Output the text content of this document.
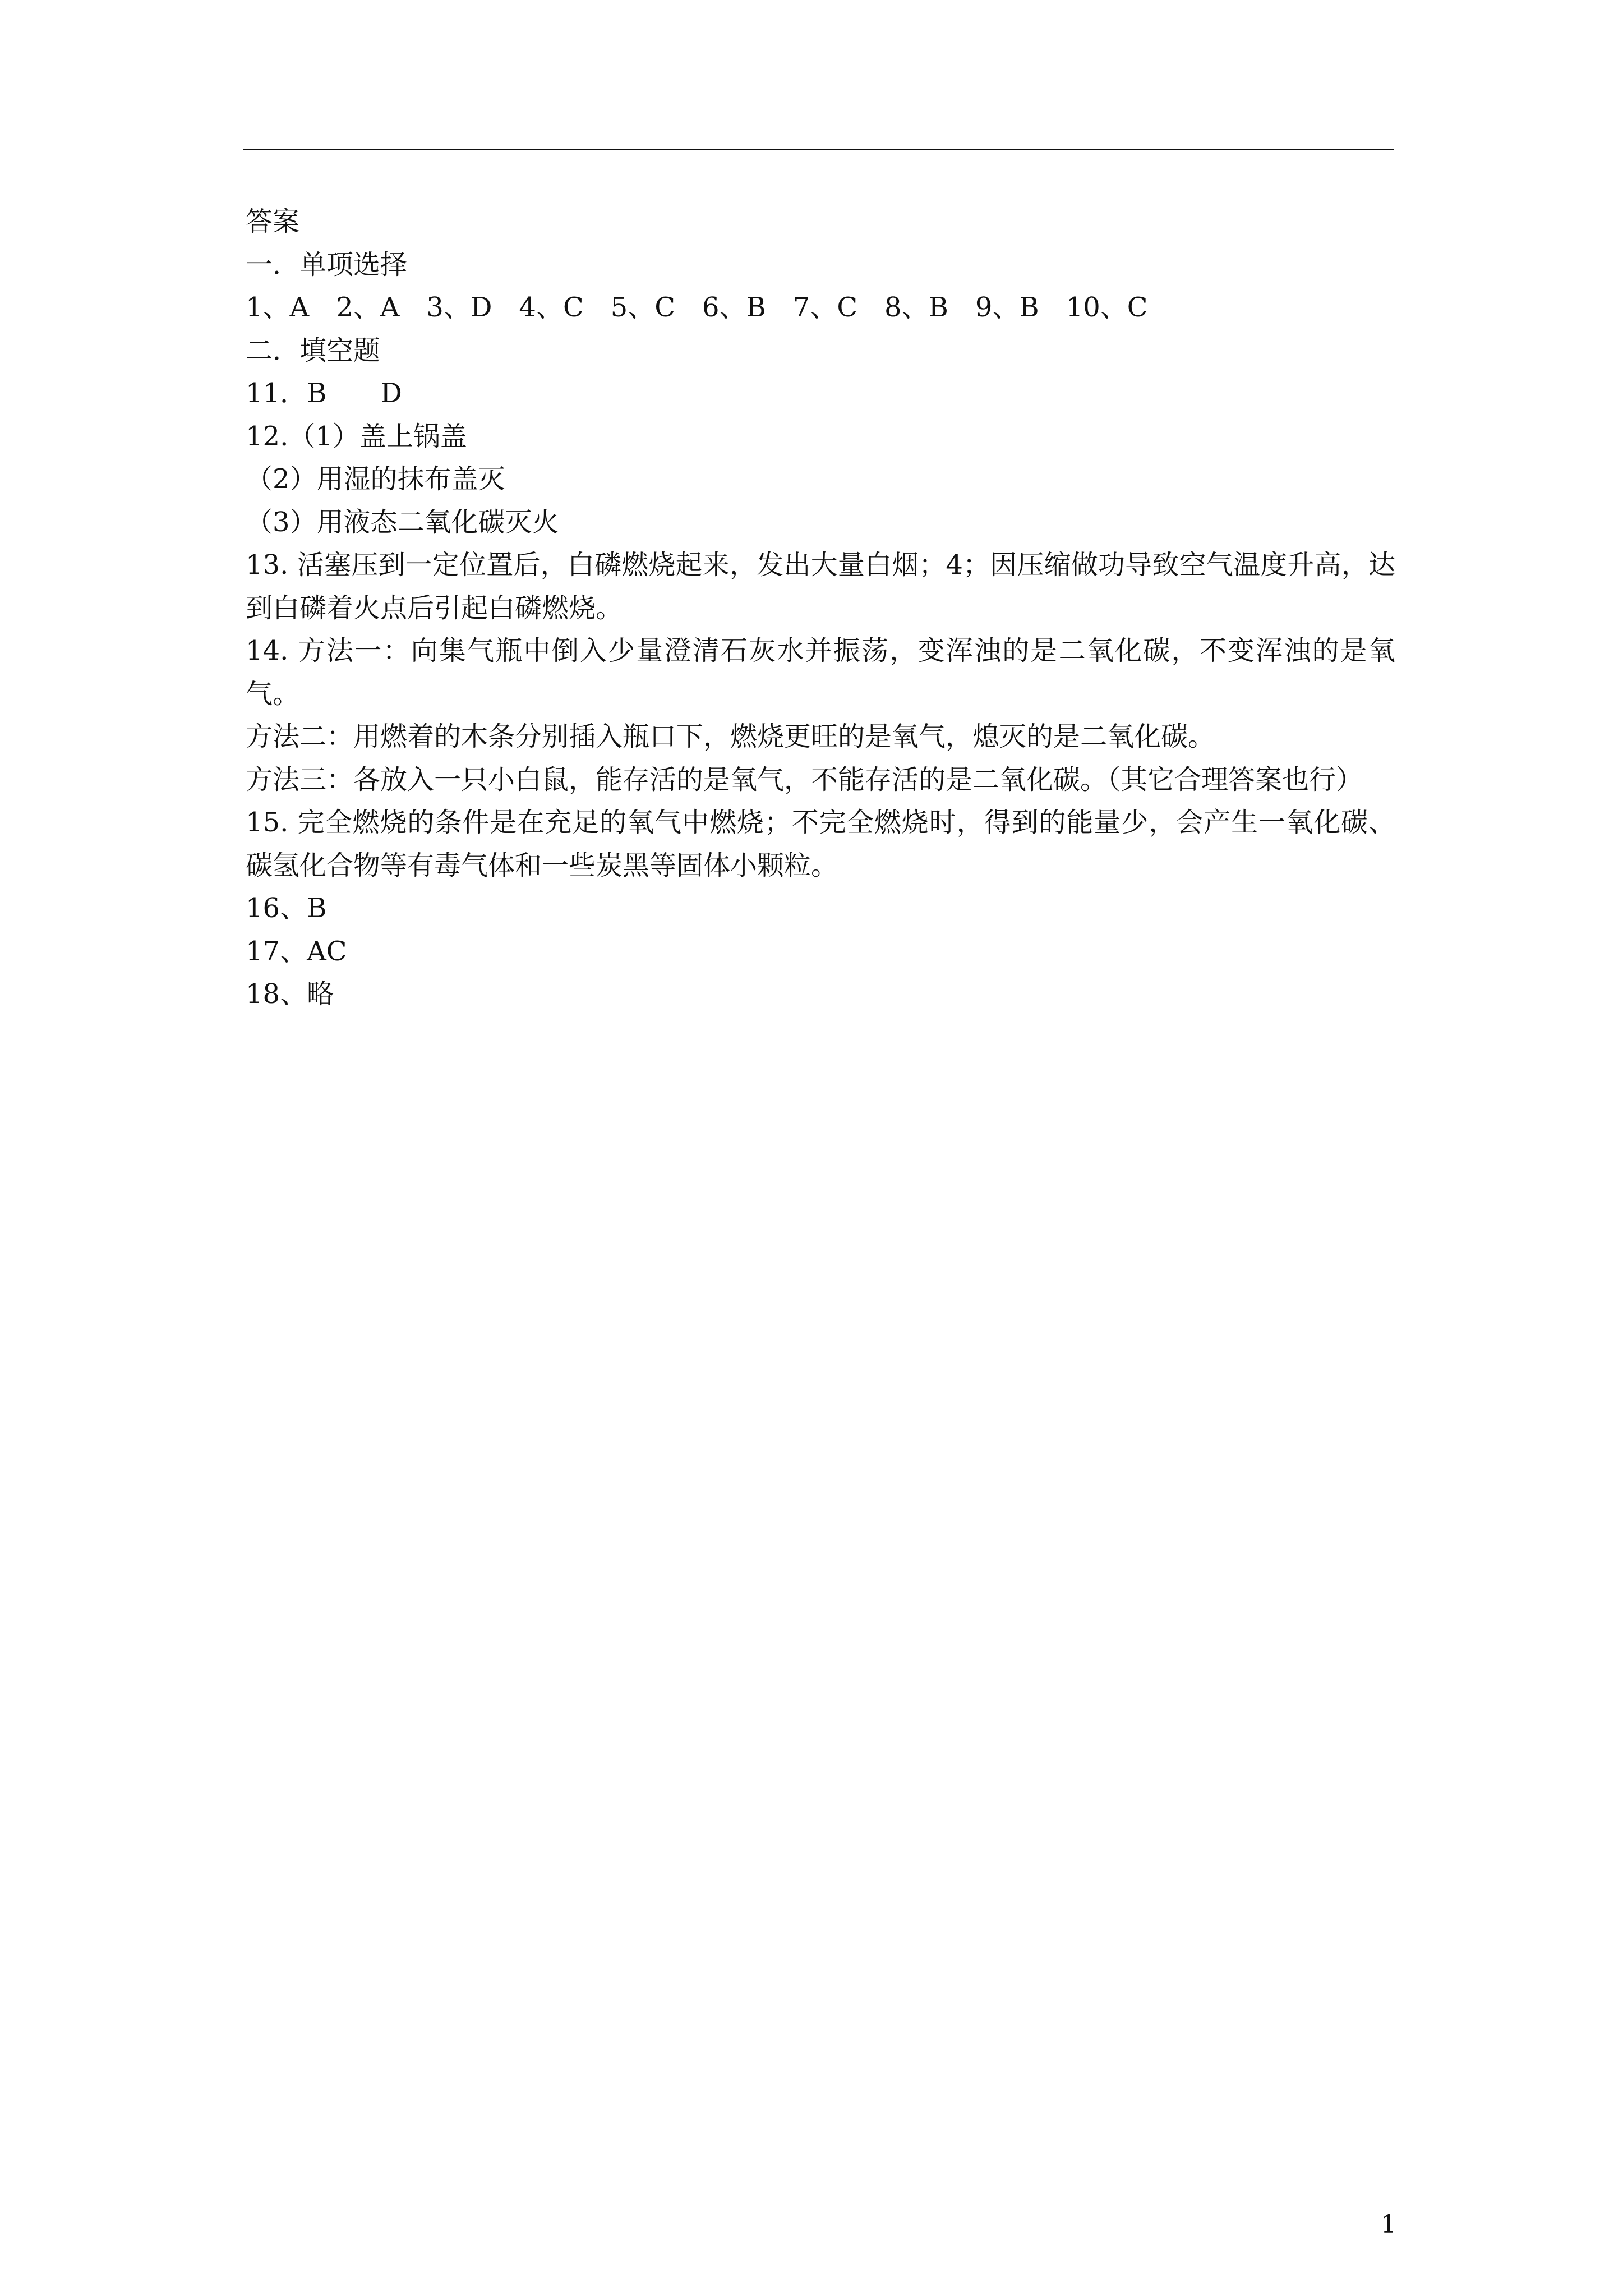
答案
一．单项选择
1、A　2、A　3、D　4、C　5、C　6、B　7、C　8、B　9、B　10、C
二．填空题
11．B　　D
12.（1）盖上锅盖
（2）用湿的抹布盖灭
（3）用液态二氧化碳灭火
13. 活塞压到一定位置后，白磷燃烧起来，发出大量白烟；4；因压缩做功导致空气温度升高，达到白磷着火点后引起白磷燃烧。
14. 方法一：向集气瓶中倒入少量澄清石灰水并振荡，变浑浊的是二氧化碳，不变浑浊的是氧气。
方法二：用燃着的木条分别插入瓶口下，燃烧更旺的是氧气，熄灭的是二氧化碳。
方法三：各放入一只小白鼠，能存活的是氧气，不能存活的是二氧化碳。（其它合理答案也行）
15. 完全燃烧的条件是在充足的氧气中燃烧；不完全燃烧时，得到的能量少，会产生一氧化碳、碳氢化合物等有毒气体和一些炭黑等固体小颗粒。
16、B
17、AC
18、略
1
